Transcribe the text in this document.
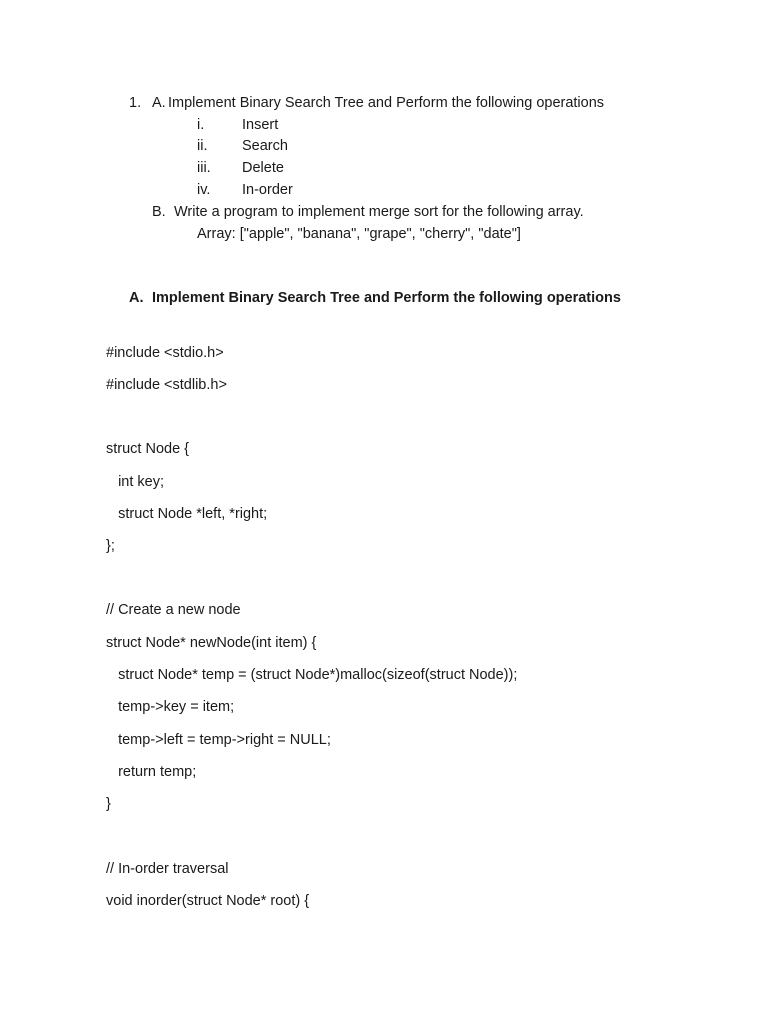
1. A. Implement Binary Search Tree and Perform the following operations
i.	Insert
ii. Search
iii. Delete
iv. In-order
B. Write a program to implement merge sort for the following array.
Array: ["apple", "banana", "grape", "cherry", "date"]
A. Implement Binary Search Tree and Perform the following operations
#include <stdio.h>
#include <stdlib.h>
struct Node {
int key;
struct Node *left, *right;
};
// Create a new node
struct Node* newNode(int item) {
struct Node* temp = (struct Node*)malloc(sizeof(struct Node));
temp->key = item;
temp->left = temp->right = NULL;
return temp;
}
// In-order traversal
void inorder(struct Node* root) {
